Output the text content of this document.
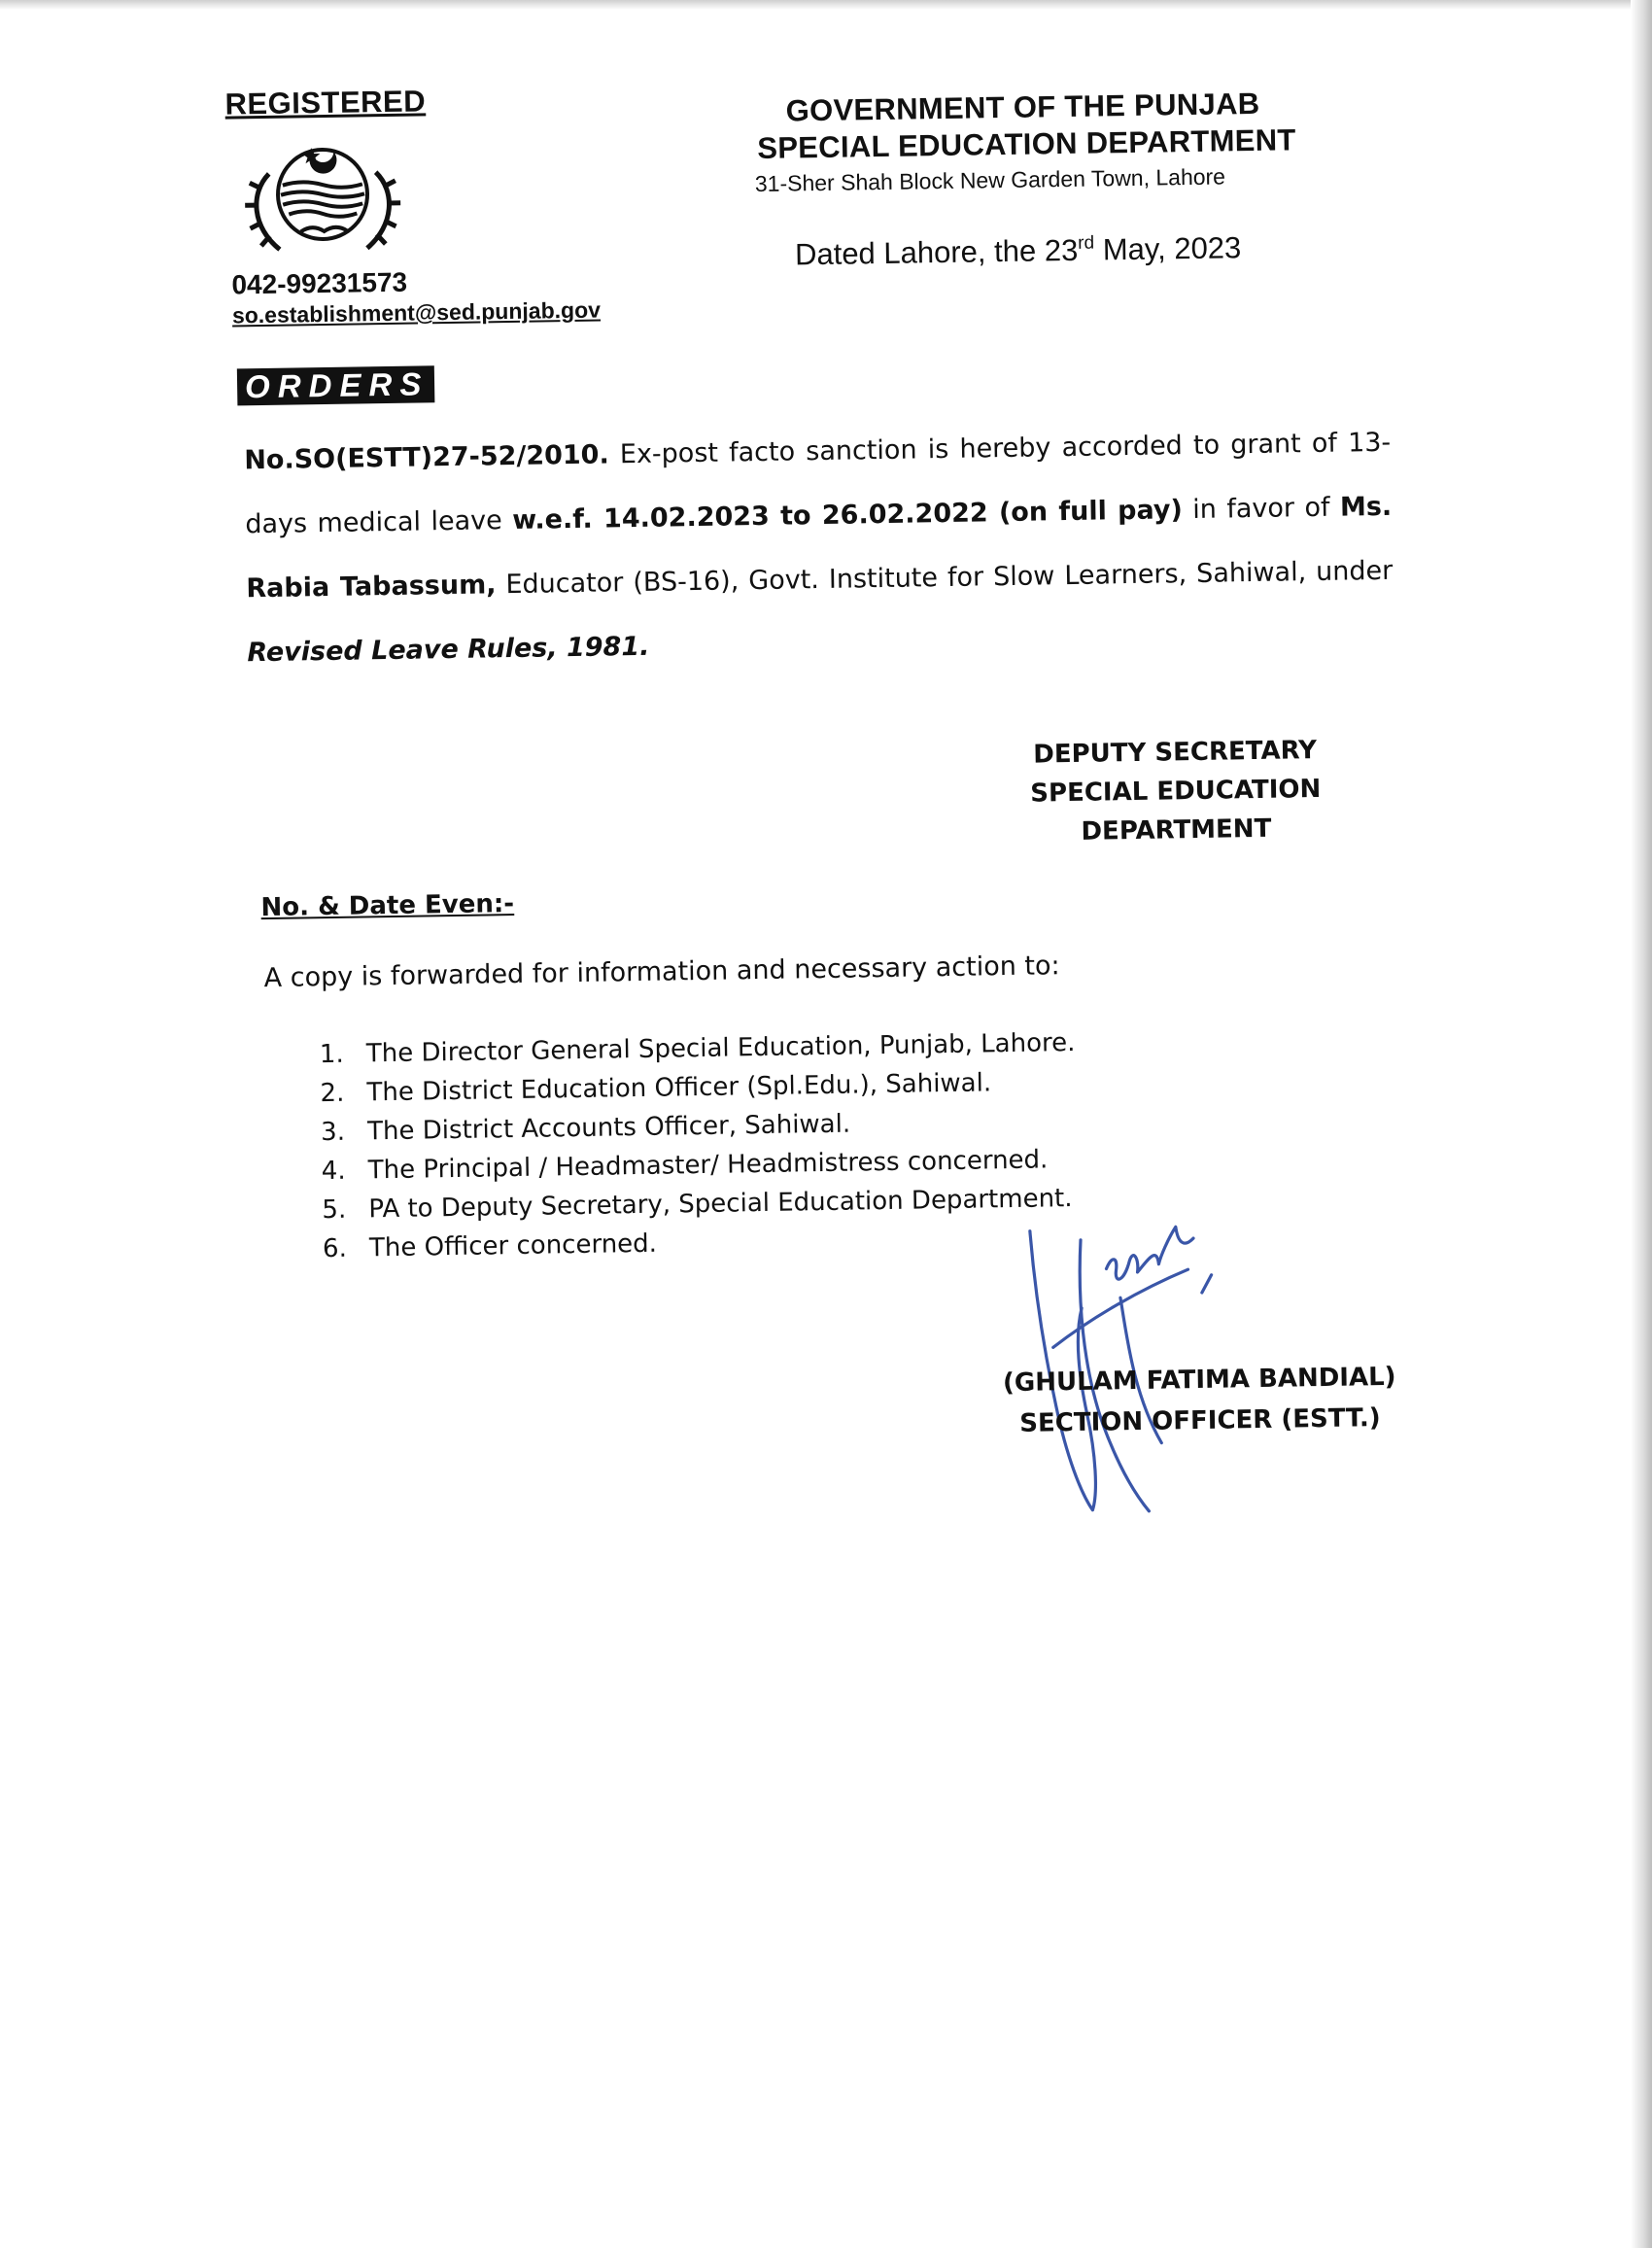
REGISTERED
042-99231573
so.establishment@sed.punjab.gov
GOVERNMENT OF THE PUNJAB
SPECIAL EDUCATION DEPARTMENT
31-Sher Shah Block New Garden Town, Lahore
Dated Lahore, the 23rd May, 2023
ORDERS
No.SO(ESTT)27-52/2010. Ex-post facto sanction is hereby accorded to grant of 13-days medical leave w.e.f. 14.02.2023 to 26.02.2022 (on full pay) in favor of Ms. Rabia Tabassum, Educator (BS-16), Govt. Institute for Slow Learners, Sahiwal, under Revised Leave Rules, 1981.
DEPUTY SECRETARY
SPECIAL EDUCATION
DEPARTMENT
No. & Date Even:-
A copy is forwarded for information and necessary action to:
1. The Director General Special Education, Punjab, Lahore.
2. The District Education Officer (Spl.Edu.), Sahiwal.
3. The District Accounts Officer, Sahiwal.
4. The Principal / Headmaster/ Headmistress concerned.
5. PA to Deputy Secretary, Special Education Department.
6. The Officer concerned.
(GHULAM FATIMA BANDIAL)
SECTION OFFICER (ESTT.)
